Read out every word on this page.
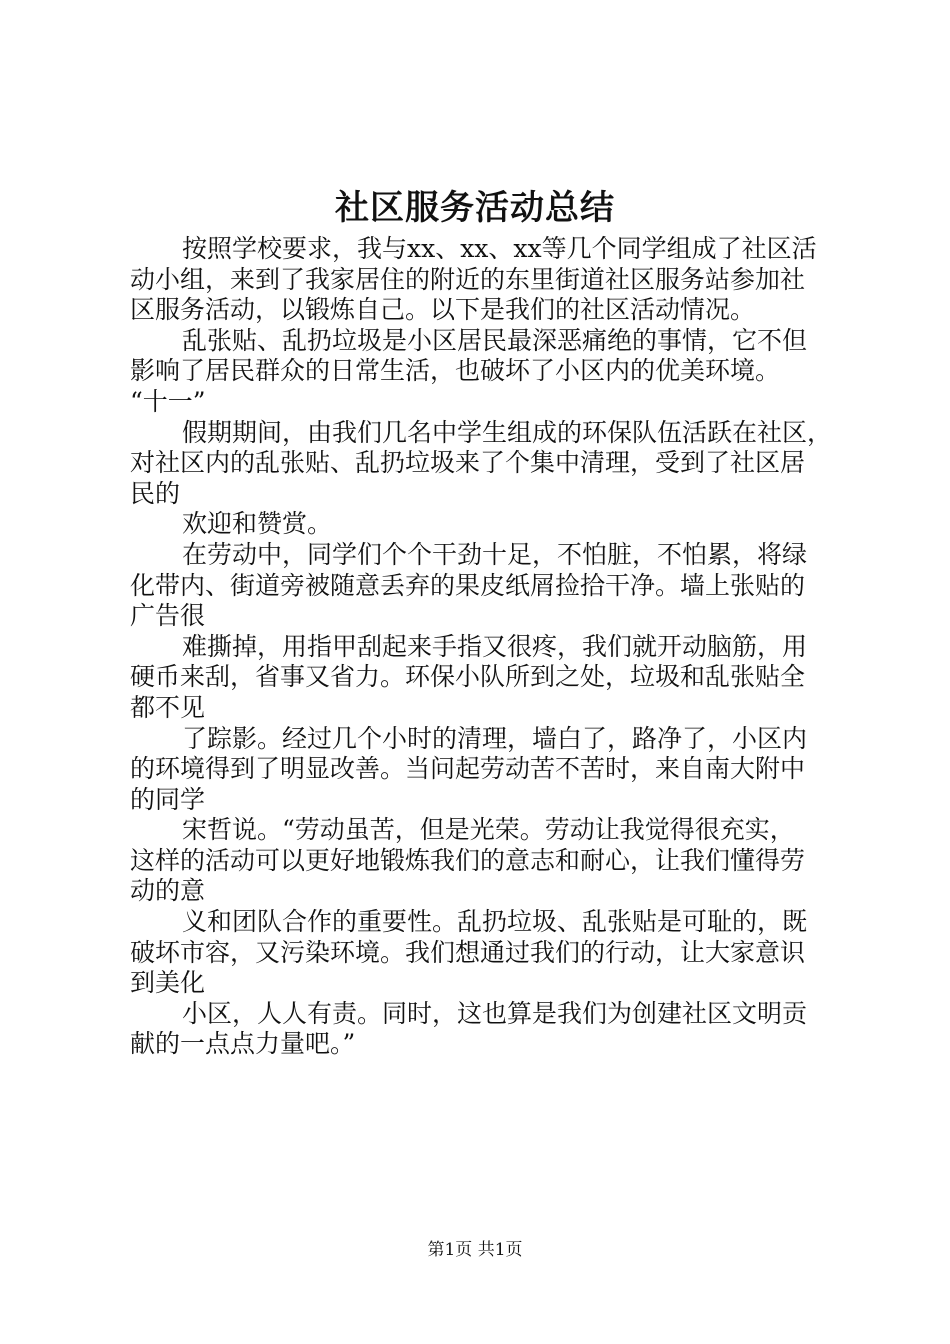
社区服务活动总结
按照学校要求，我与xx、xx、xx等几个同学组成了社区活
动小组，来到了我家居住的附近的东里街道社区服务站参加社
区服务活动，以锻炼自己。以下是我们的社区活动情况。
乱张贴、乱扔垃圾是小区居民最深恶痛绝的事情，它不但
影响了居民群众的日常生活，也破坏了小区内的优美环境。
“十一”
假期期间，由我们几名中学生组成的环保队伍活跃在社区，
对社区内的乱张贴、乱扔垃圾来了个集中清理，受到了社区居
民的
欢迎和赞赏。
在劳动中，同学们个个干劲十足，不怕脏，不怕累，将绿
化带内、街道旁被随意丢弃的果皮纸屑捡拾干净。墙上张贴的
广告很
难撕掉，用指甲刮起来手指又很疼，我们就开动脑筋，用
硬币来刮，省事又省力。环保小队所到之处，垃圾和乱张贴全
都不见
了踪影。经过几个小时的清理，墙白了，路净了，小区内
的环境得到了明显改善。当问起劳动苦不苦时，来自南大附中
的同学
宋哲说。“劳动虽苦，但是光荣。劳动让我觉得很充实，
这样的活动可以更好地锻炼我们的意志和耐心，让我们懂得劳
动的意
义和团队合作的重要性。乱扔垃圾、乱张贴是可耻的，既
破坏市容，又污染环境。我们想通过我们的行动，让大家意识
到美化
小区，人人有责。同时，这也算是我们为创建社区文明贡
献的一点点力量吧。”
第1页 共1页
